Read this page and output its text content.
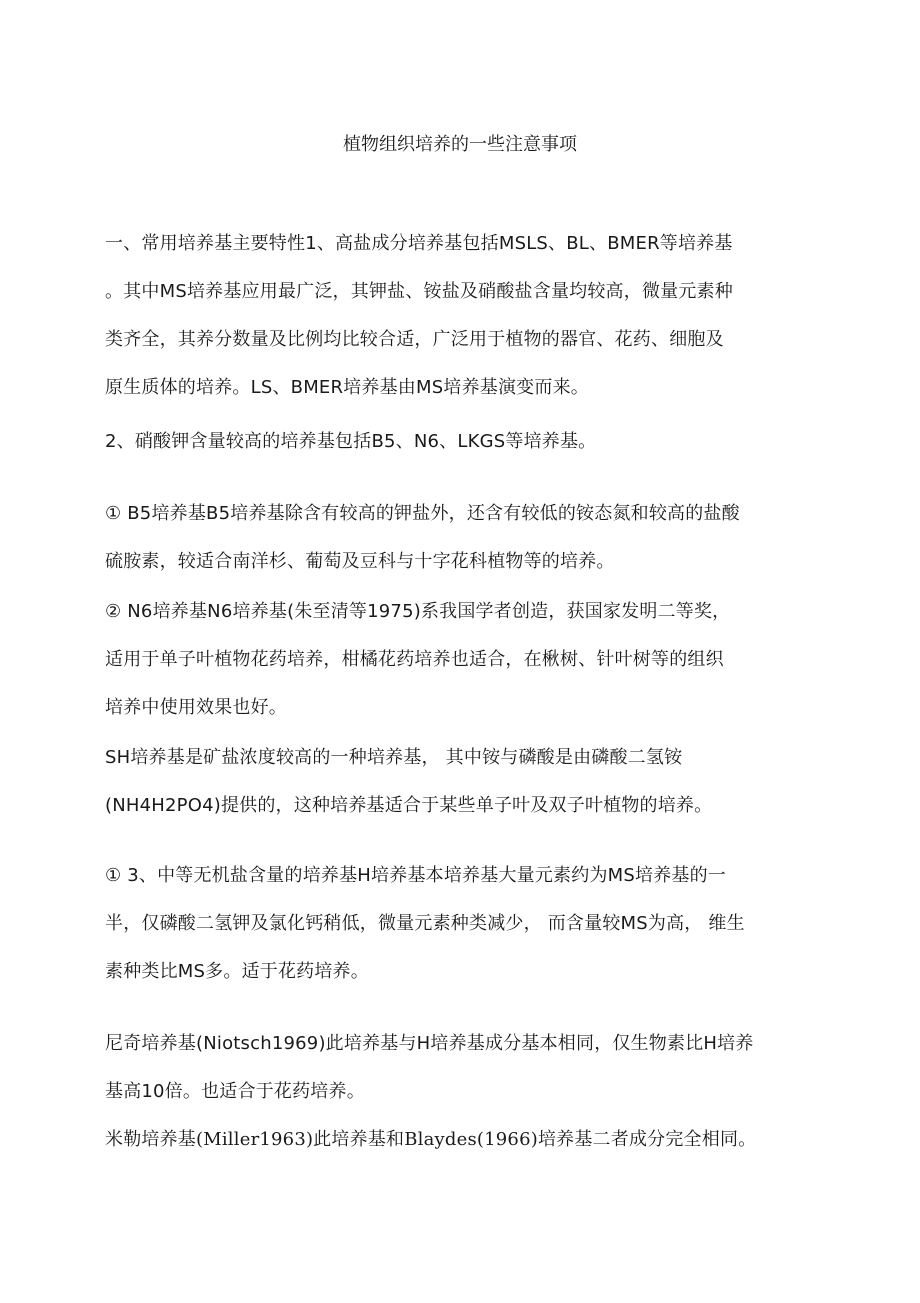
植物组织培养的一些注意事项

一、常用培养基主要特性1、高盐成分培养基包括MSLS、BL、BMER等培养基
。其中MS培养基应用最广泛，其钾盐、铵盐及硝酸盐含量均较高，微量元素种
类齐全，其养分数量及比例均比较合适，广泛用于植物的器官、花药、细胞及
原生质体的培养。LS、BMER培养基由MS培养基演变而来。

2、硝酸钾含量较高的培养基包括B5、N6、LKGS等培养基。

① B5培养基B5培养基除含有较高的钾盐外，还含有较低的铵态氮和较高的盐酸
硫胺素，较适合南洋杉、葡萄及豆科与十字花科植物等的培养。

② N6培养基N6培养基(朱至清等1975)系我国学者创造，获国家发明二等奖，
适用于单子叶植物花药培养，柑橘花药培养也适合，在楸树、针叶树等的组织
培养中使用效果也好。

SH培养基是矿盐浓度较高的一种培养基， 其中铵与磷酸是由磷酸二氢铵
(NH4H2PO4)提供的，这种培养基适合于某些单子叶及双子叶植物的培养。

① 3、中等无机盐含量的培养基H培养基本培养基大量元素约为MS培养基的一
半，仅磷酸二氢钾及氯化钙稍低，微量元素种类减少， 而含量较MS为高， 维生
素种类比MS多。适于花药培养。

尼奇培养基(Niotsch1969)此培养基与H培养基成分基本相同，仅生物素比H培养
基高10倍。也适合于花药培养。

米勒培养基(Miller1963)此培养基和Blaydes(1966)培养基二者成分完全相同。
